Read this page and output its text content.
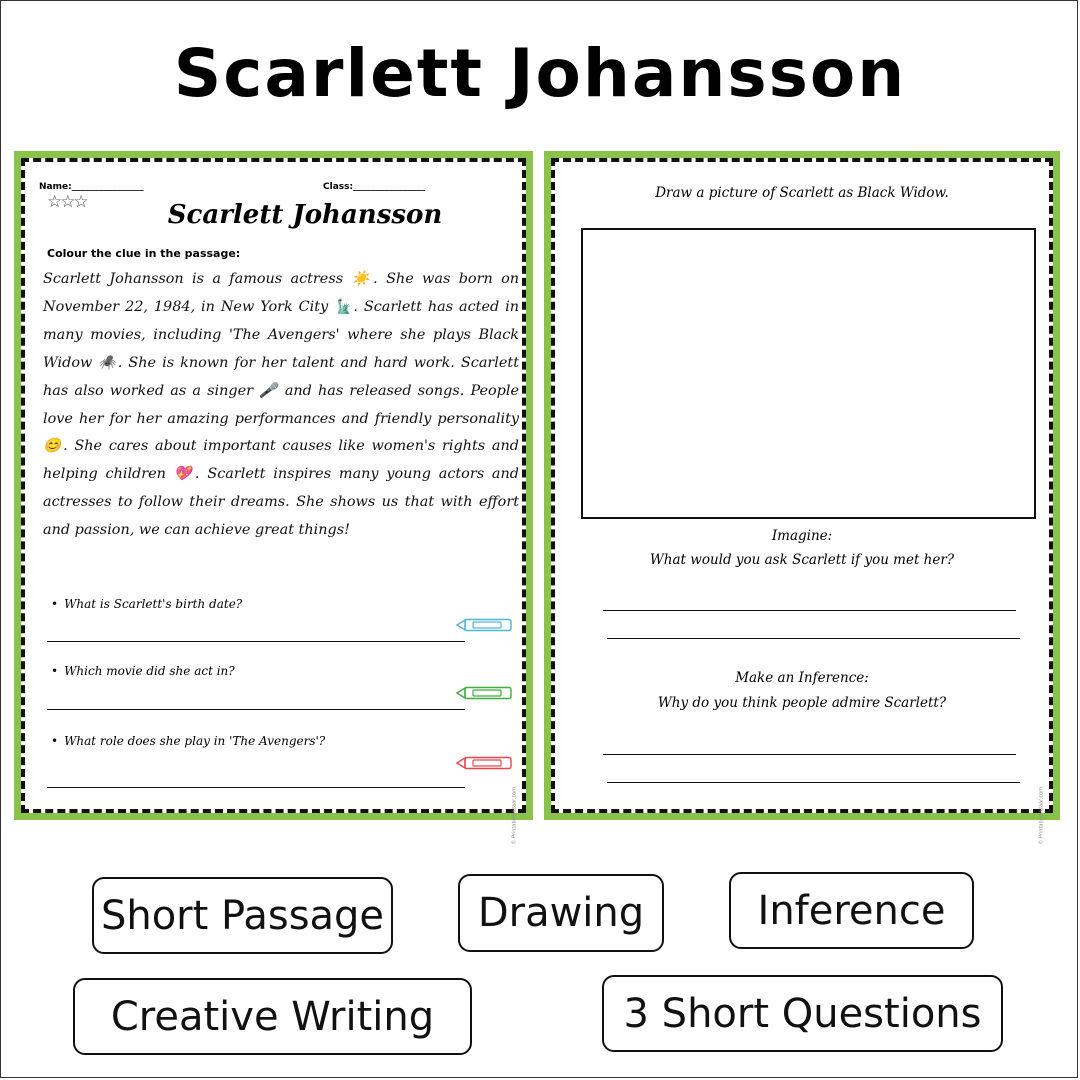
Scarlett Johansson
Name:________________	Class:________________
☆☆☆	Scarlett Johansson
Colour the clue in the passage:
Scarlett Johansson is a famous actress ☀️. She was born on November 22, 1984, in New York City 🗽. Scarlett has acted in many movies, including 'The Avengers' where she plays Black Widow 🕷️. She is known for her talent and hard work. Scarlett has also worked as a singer 🎤 and has released songs. People love her for her amazing performances and friendly personality 😊. She cares about important causes like women's rights and helping children 💖. Scarlett inspires many young actors and actresses to follow their dreams. She shows us that with effort and passion, we can achieve great things!
• What is Scarlett's birth date?
• Which movie did she act in?
• What role does she play in 'The Avengers'?
© Printablebazaar.com
Draw a picture of Scarlett as Black Widow.
Imagine:
What would you ask Scarlett if you met her?
Make an Inference:
Why do you think people admire Scarlett?
© Printablebazaar.com
Short Passage	Drawing	Inference
Creative Writing	3 Short Questions
